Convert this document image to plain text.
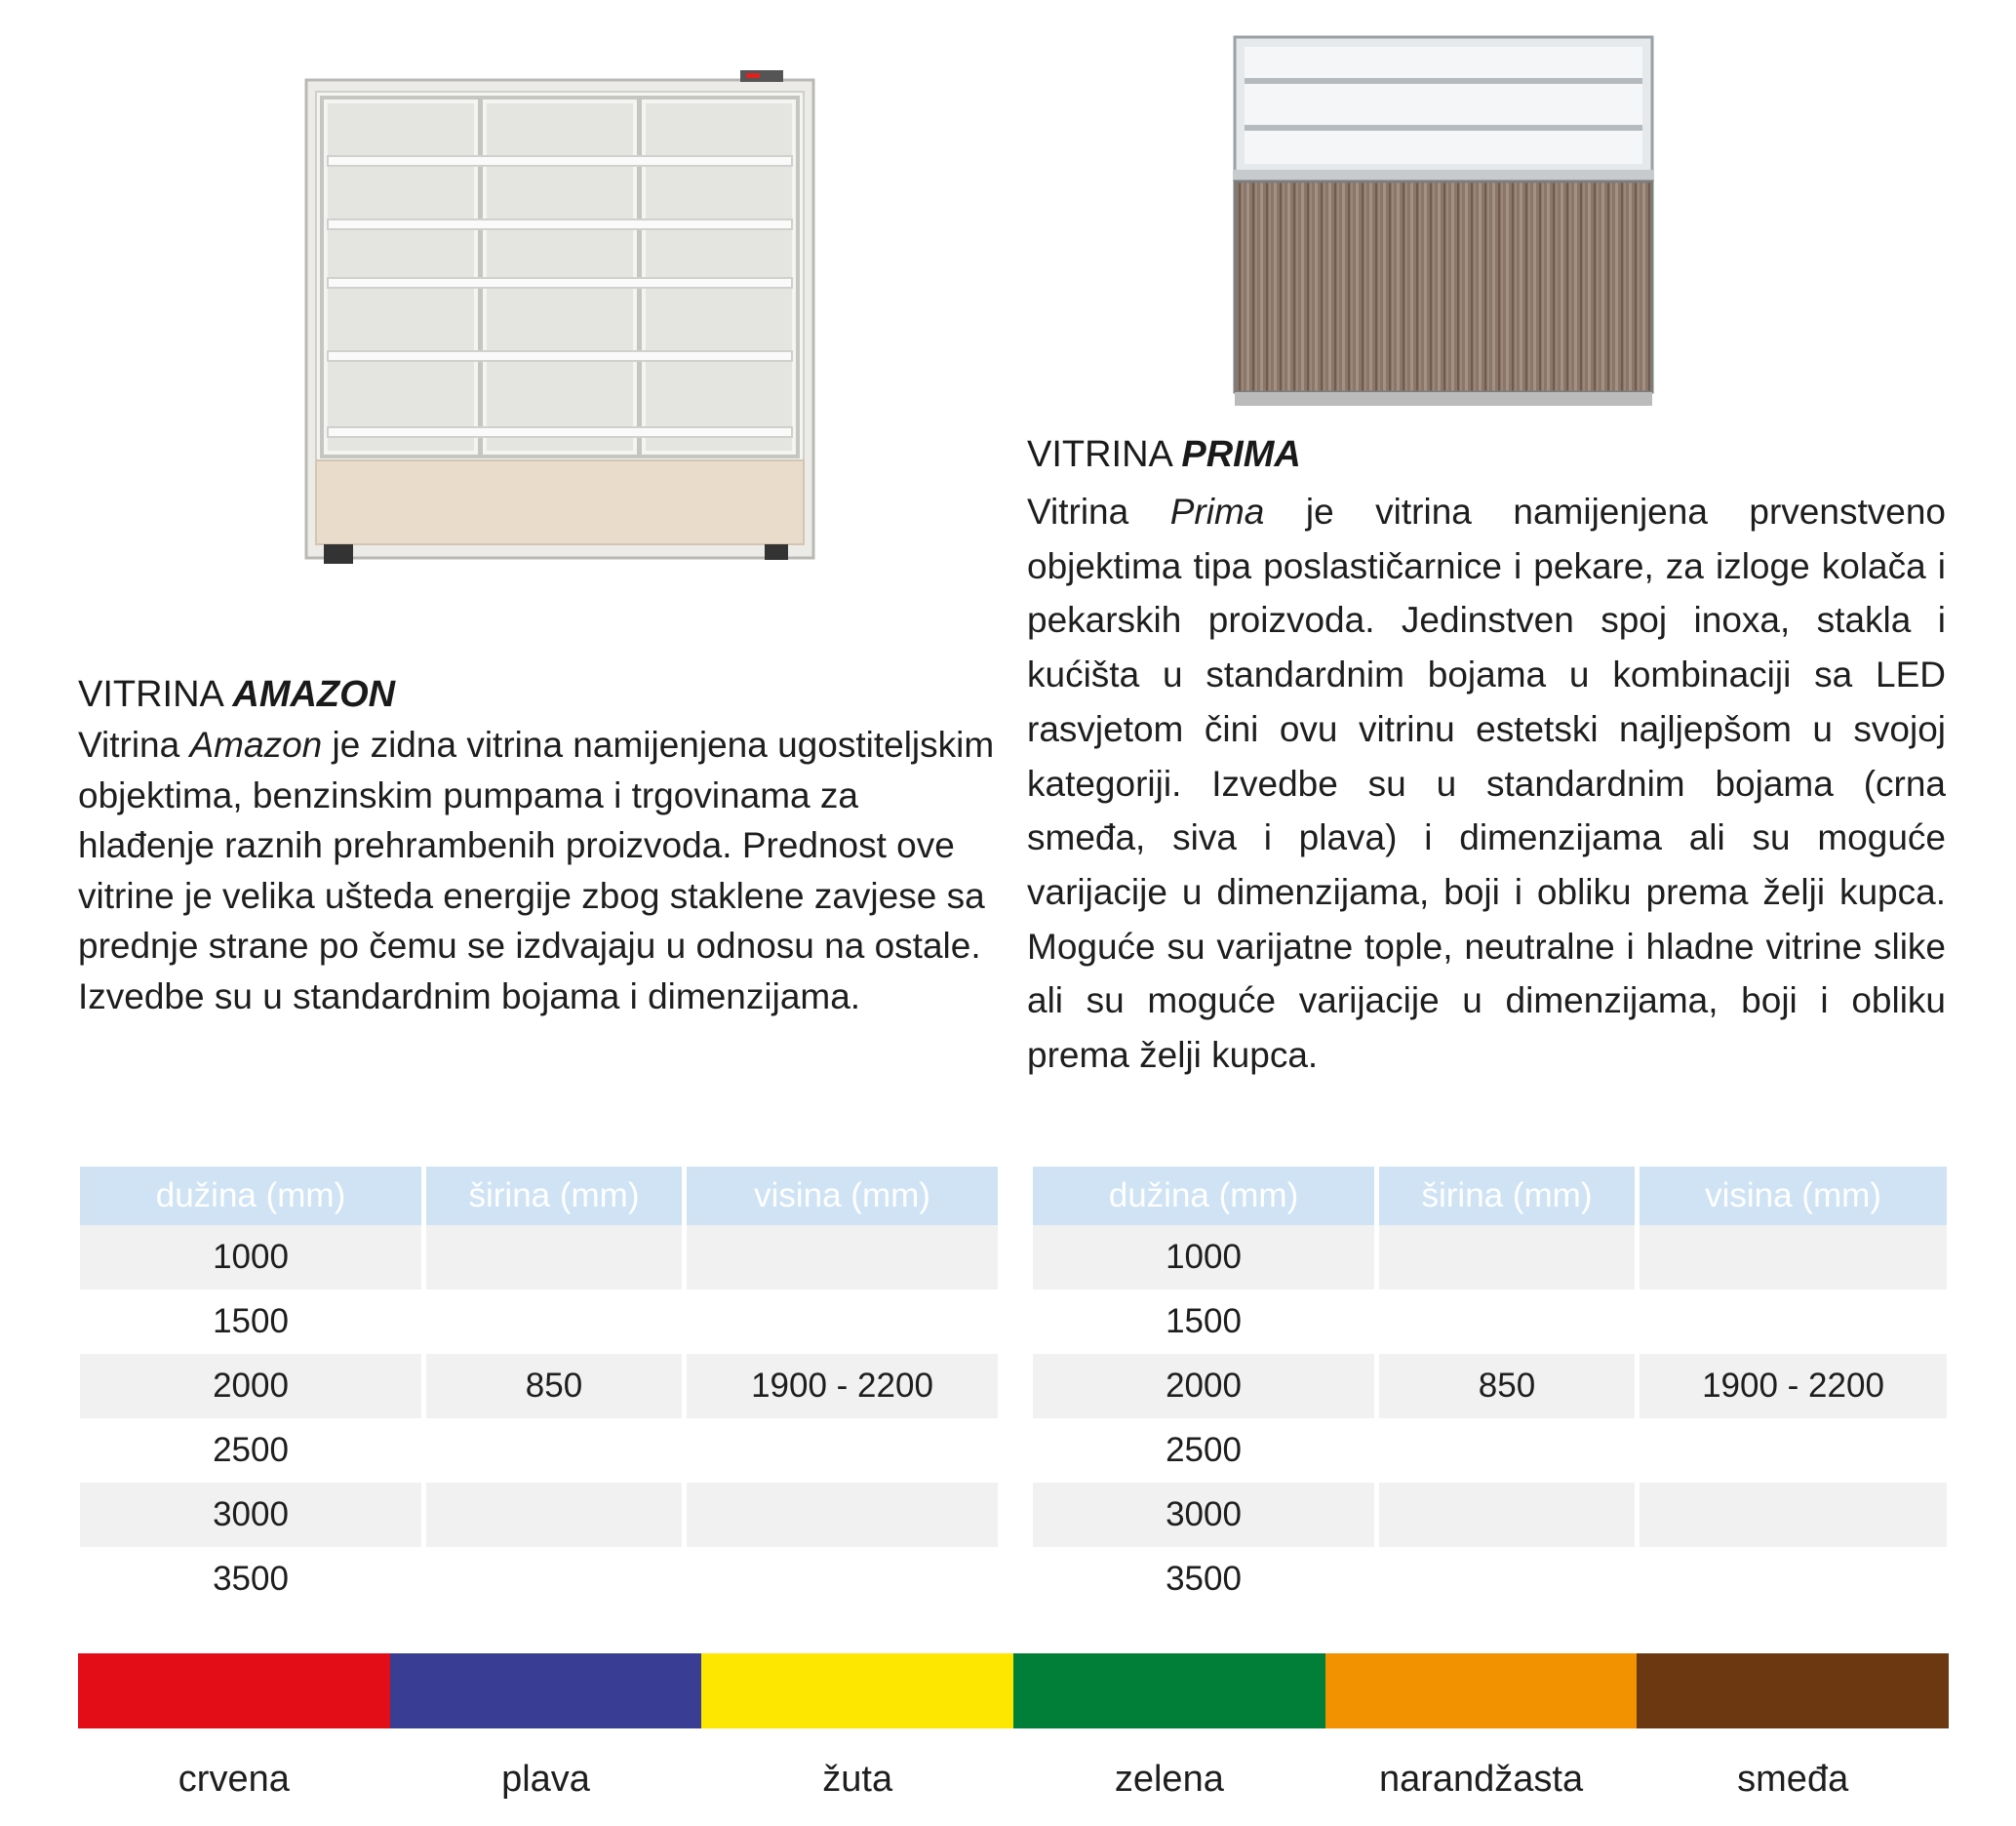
VITRINA AMAZON

Vitrina Amazon je zidna vitrina namijenjena ugostiteljskim objektima, benzinskim pumpama i trgovinama za hlađenje raznih prehrambenih proizvoda. Prednost ove vitrine je velika ušteda energije zbog staklene zavjese sa prednje strane po čemu se izdvajaju u odnosu na ostale. Izvedbe su u standardnim bojama i dimenzijama.

VITRINA PRIMA

Vitrina Prima je vitrina namijenjena prvenstveno objektima tipa poslastičarnice i pekare, za izloge kolača i pekarskih proizvoda. Jedinstven spoj inoxa, stakla i kućišta u standardnim bojama u kombinaciji sa LED rasvjetom čini ovu vitrinu estetski najljepšom u svojoj kategoriji. Izvedbe su u standardnim bojama (crna smeđa, siva i plava) i dimenzijama ali su moguće varijacije u dimenzijama, boji i obliku prema želji kupca. Moguće su varijatne tople, neutralne i hladne vitrine slike ali su moguće varijacije u dimenzijama, boji i obliku prema želji kupca.

dužina (mm)	širina (mm)	visina (mm)
1000		
1500		
2000	850	1900 - 2200
2500		
3000		
3500		
dužina (mm)	širina (mm)	visina (mm)
1000		
1500		
2000	850	1900 - 2200
2500		
3000		
3500		
crvena	plava	žuta	zelena	narandžasta	smeđa
